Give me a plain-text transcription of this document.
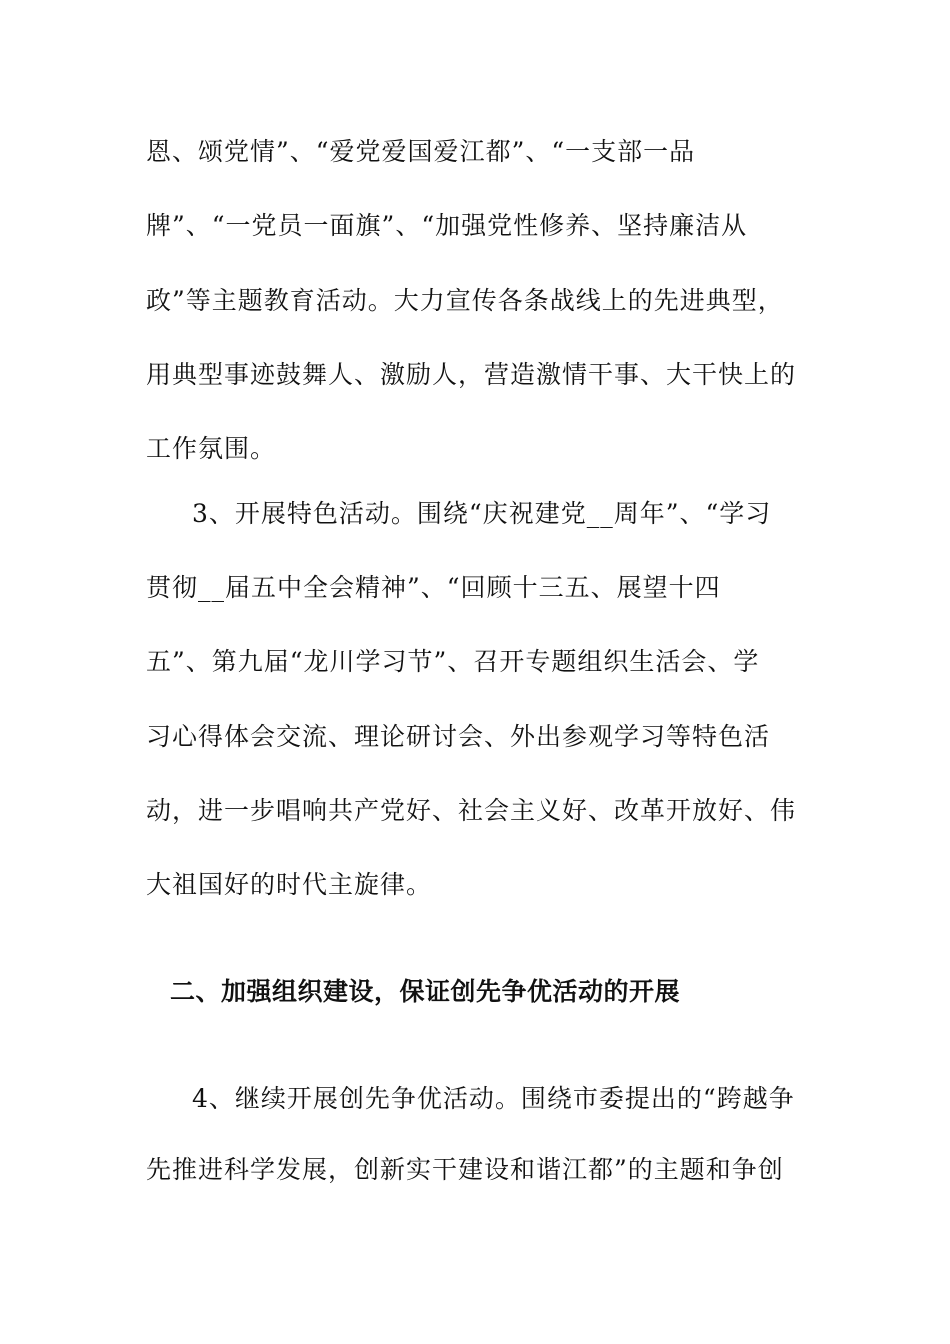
恩、颂党情”、“爱党爱国爱江都”、“一支部一品
牌”、“一党员一面旗”、“加强党性修养、坚持廉洁从
政”等主题教育活动。大力宣传各条战线上的先进典型，
用典型事迹鼓舞人、激励人，营造激情干事、大干快上的
工作氛围。
3、开展特色活动。围绕“庆祝建党__周年”、“学习
贯彻__届五中全会精神”、“回顾十三五、展望十四
五”、第九届“龙川学习节”、召开专题组织生活会、学
习心得体会交流、理论研讨会、外出参观学习等特色活
动，进一步唱响共产党好、社会主义好、改革开放好、伟
大祖国好的时代主旋律。
二、加强组织建设，保证创先争优活动的开展
4、继续开展创先争优活动。围绕市委提出的“跨越争
先推进科学发展，创新实干建设和谐江都”的主题和争创
